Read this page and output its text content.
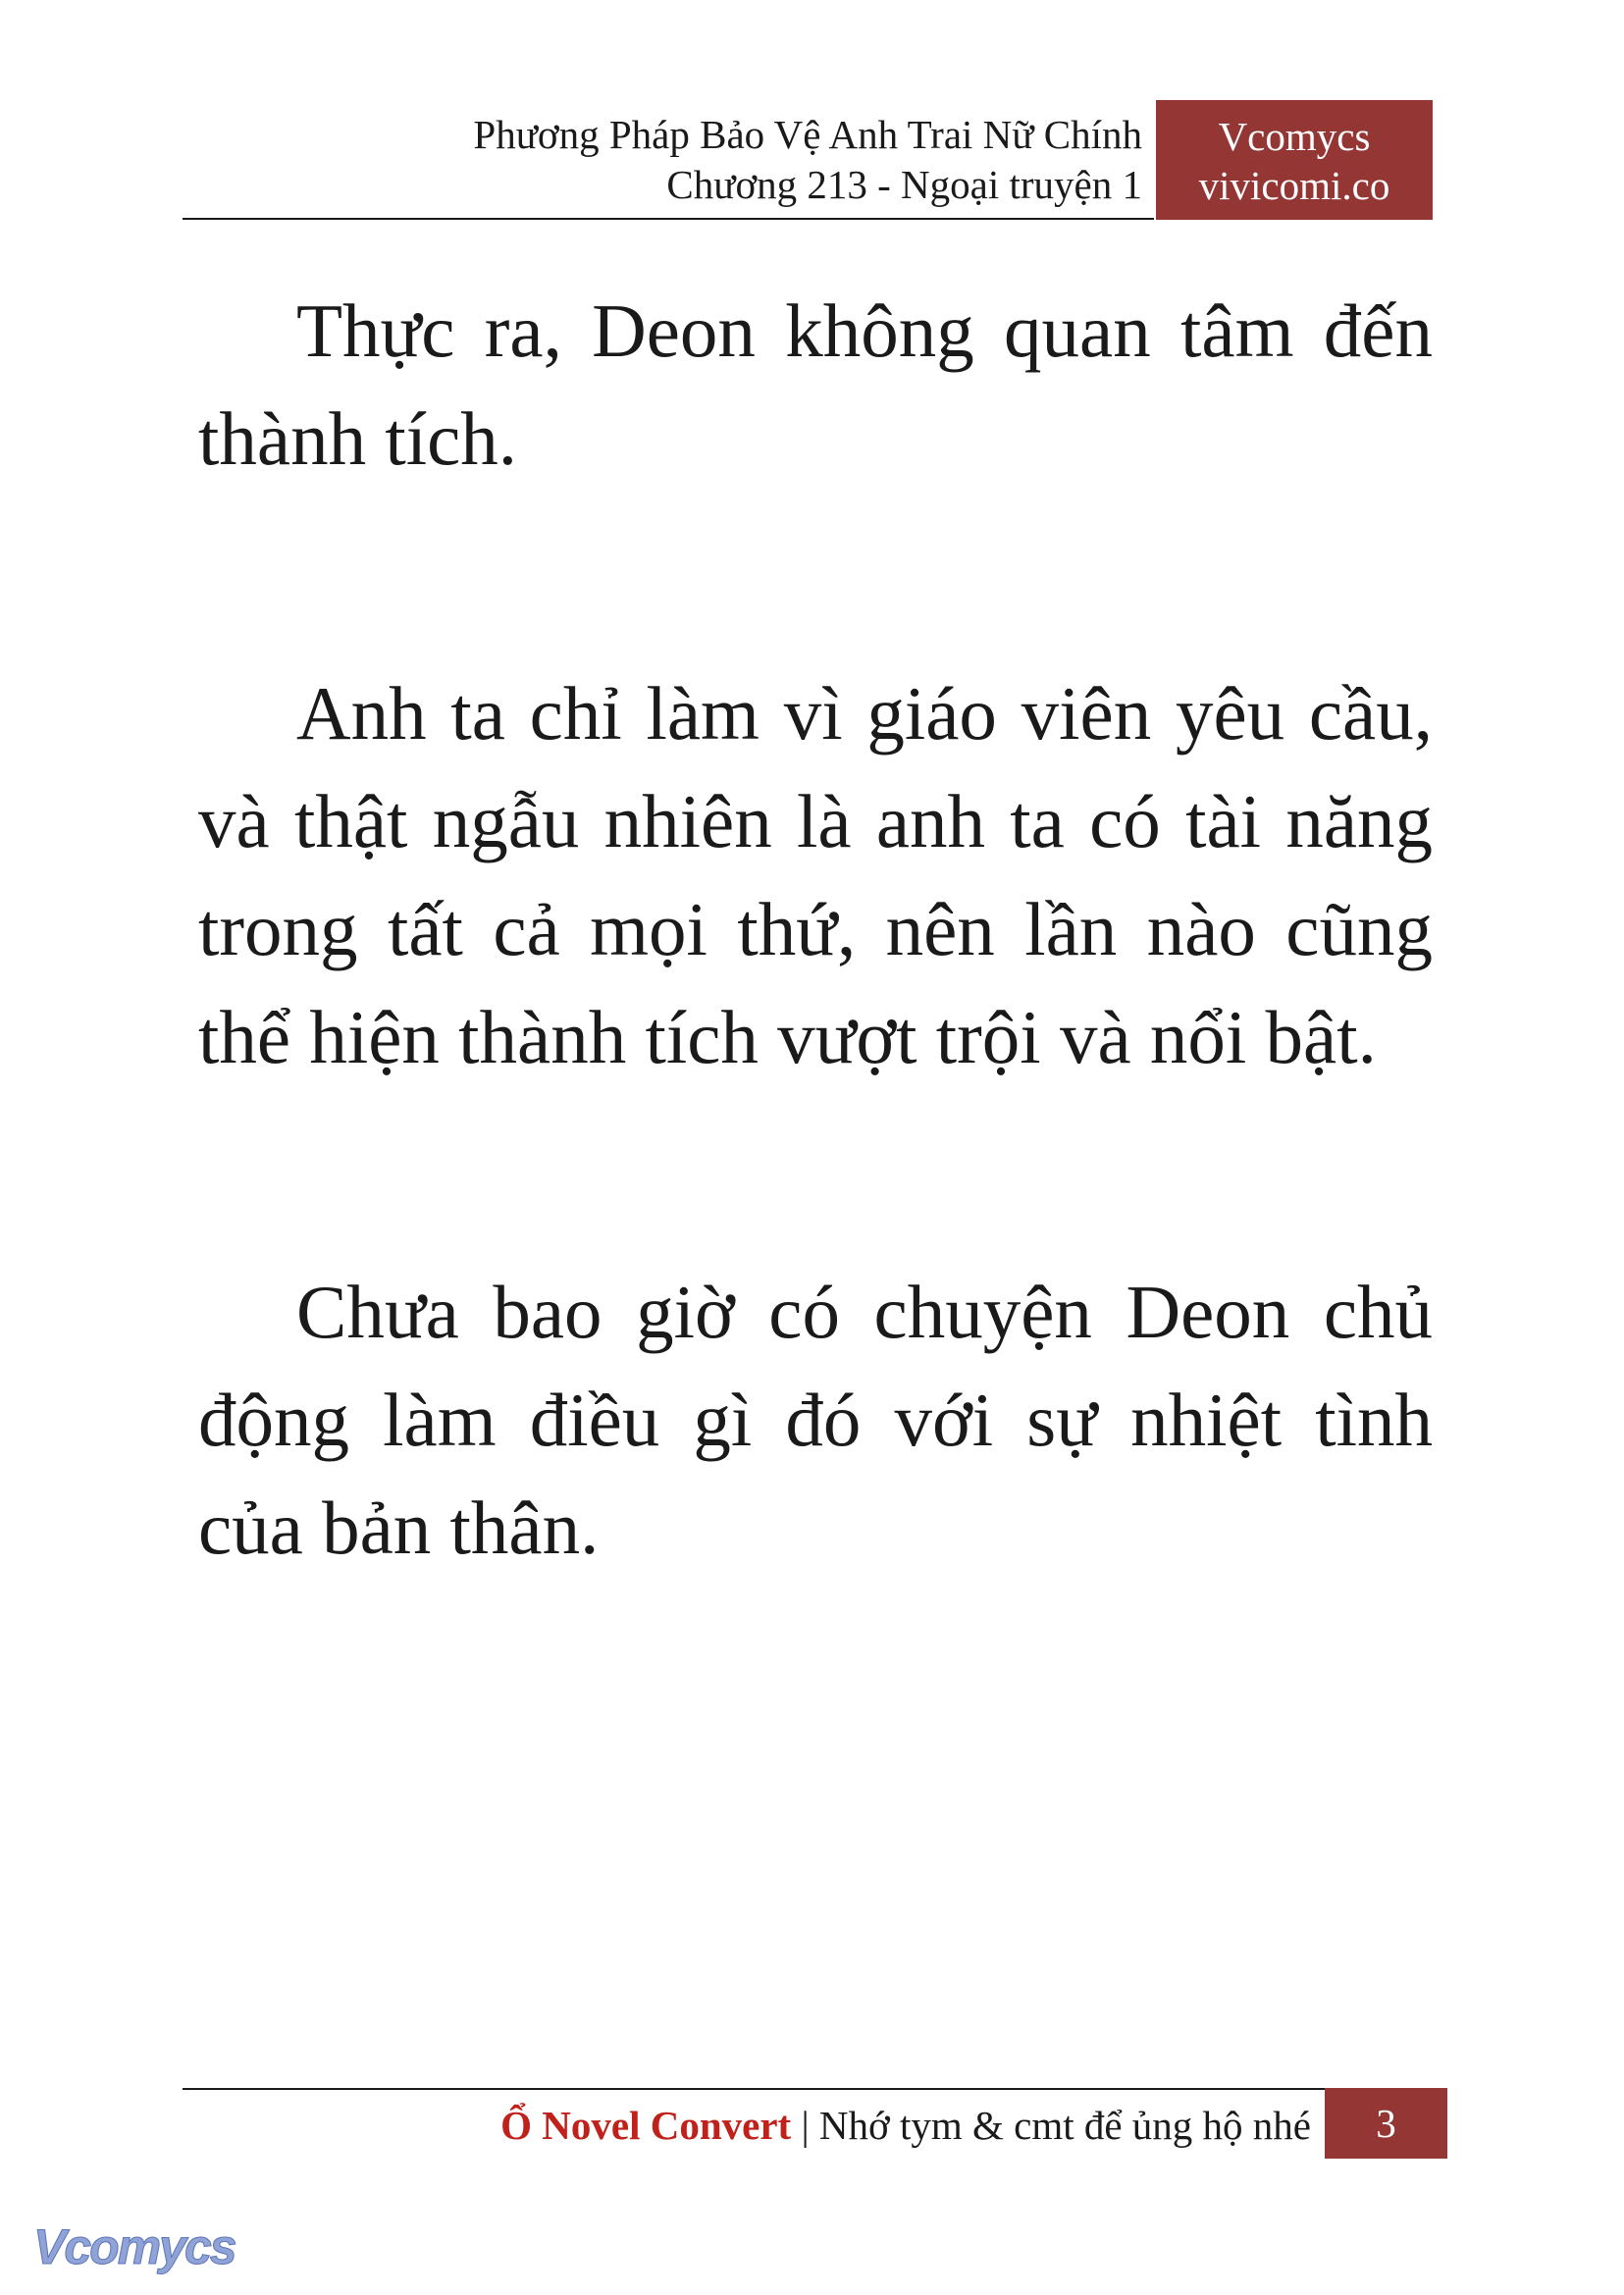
Phương Pháp Bảo Vệ Anh Trai Nữ Chính
Chương 213 - Ngoại truyện 1
Vcomycs
vivicomi.co

Thực ra, Deon không quan tâm đến thành tích.

Anh ta chỉ làm vì giáo viên yêu cầu, và thật ngẫu nhiên là anh ta có tài năng trong tất cả mọi thứ, nên lần nào cũng thể hiện thành tích vượt trội và nổi bật.

Chưa bao giờ có chuyện Deon chủ động làm điều gì đó với sự nhiệt tình của bản thân.

Ổ Novel Convert | Nhớ tym & cmt để ủng hộ nhé	3
Vcomycs
